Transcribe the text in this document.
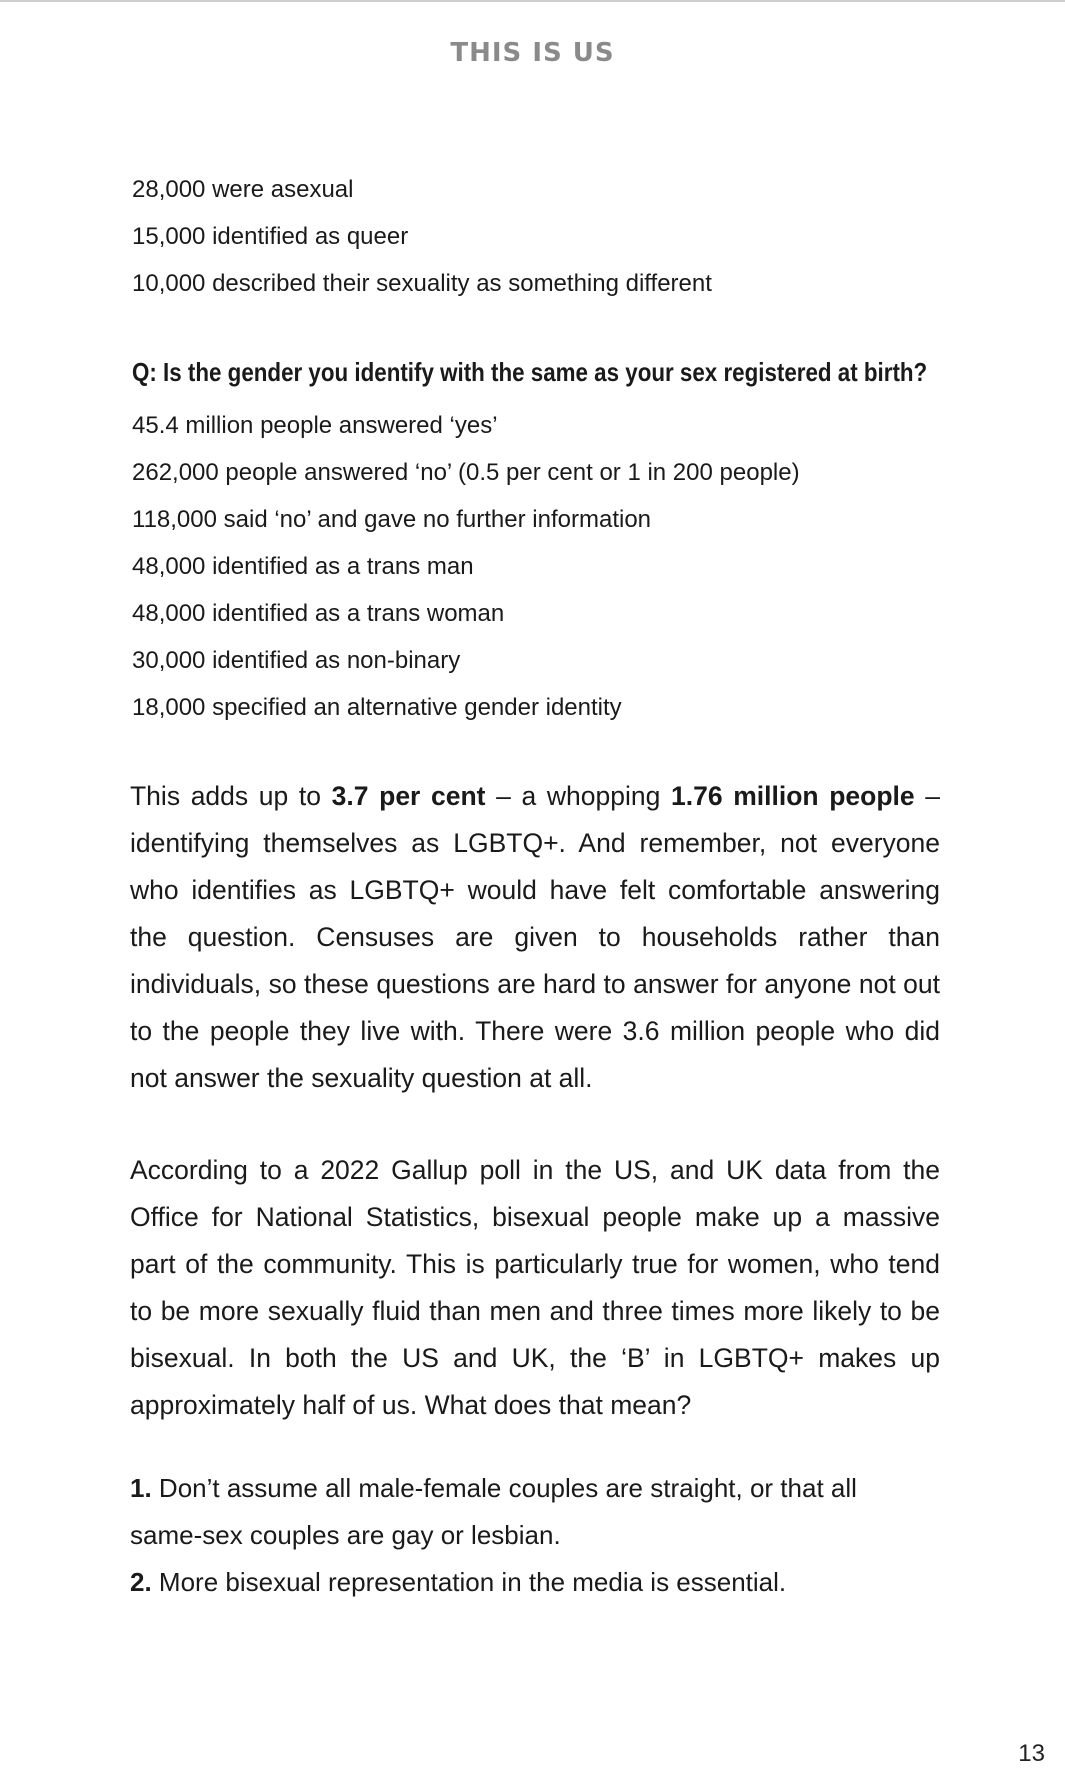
THIS IS US
28,000 were asexual
15,000 identified as queer
10,000 described their sexuality as something different
Q: Is the gender you identify with the same as your sex registered at birth?
45.4 million people answered ‘yes’
262,000 people answered ‘no’ (0.5 per cent or 1 in 200 people)
118,000 said ‘no’ and gave no further information
48,000 identified as a trans man
48,000 identified as a trans woman
30,000 identified as non-binary
18,000 specified an alternative gender identity

This adds up to 3.7 per cent – a whopping 1.76 million people – identifying themselves as LGBTQ+. And remember, not everyone who identifies as LGBTQ+ would have felt comfortable answering the question. Censuses are given to households rather than individuals, so these questions are hard to answer for anyone not out to the people they live with. There were 3.6 million people who did not answer the sexuality question at all.

According to a 2022 Gallup poll in the US, and UK data from the Office for National Statistics, bisexual people make up a massive part of the community. This is particularly true for women, who tend to be more sexually fluid than men and three times more likely to be bisexual. In both the US and UK, the ‘B’ in LGBTQ+ makes up approximately half of us. What does that mean?

1. Don’t assume all male-female couples are straight, or that all same-sex couples are gay or lesbian.
2. More bisexual representation in the media is essential.
13
